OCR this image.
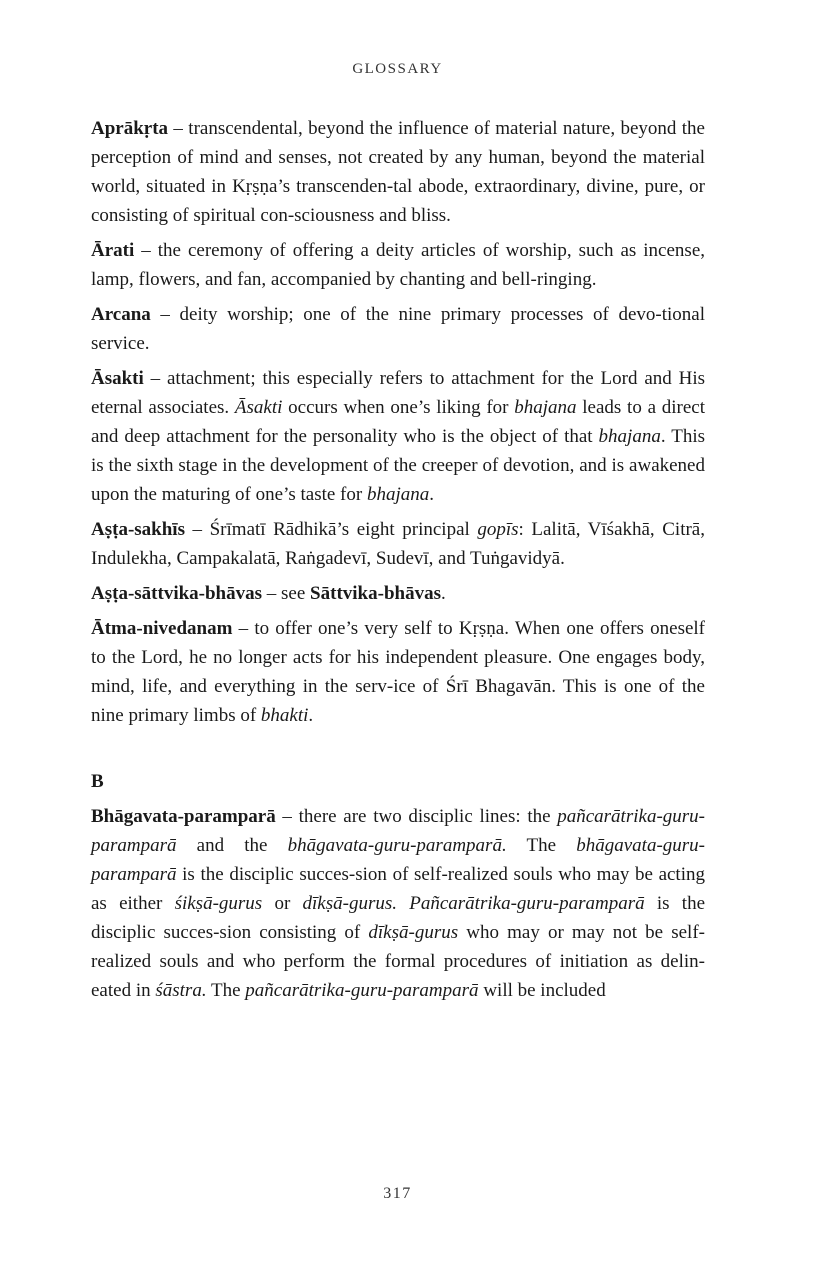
GLOSSARY

Aprākṛta – transcendental, beyond the influence of material nature, beyond the perception of mind and senses, not created by any human, beyond the material world, situated in Kṛṣṇa’s transcenden-tal abode, extraordinary, divine, pure, or consisting of spiritual con-sciousness and bliss.

Ārati – the ceremony of offering a deity articles of worship, such as incense, lamp, flowers, and fan, accompanied by chanting and bell-ringing.

Arcana – deity worship; one of the nine primary processes of devo-tional service.

Āsakti – attachment; this especially refers to attachment for the Lord and His eternal associates. Āsakti occurs when one’s liking for bhajana leads to a direct and deep attachment for the personality who is the object of that bhajana. This is the sixth stage in the development of the creeper of devotion, and is awakened upon the maturing of one’s taste for bhajana.

Aṣṭa-sakhīs – Śrīmatī Rādhikā’s eight principal gopīs: Lalitā, Vīśakhā, Citrā, Indulekha, Campakalatā, Raṅgadevī, Sudevī, and Tuṅgavidyā.

Aṣṭa-sāttvika-bhāvas – see Sāttvika-bhāvas.

Ātma-nivedanam – to offer one’s very self to Kṛṣṇa. When one offers oneself to the Lord, he no longer acts for his independent pleasure. One engages body, mind, life, and everything in the serv-ice of Śrī Bhagavān. This is one of the nine primary limbs of bhakti.

B

Bhāgavata-paramparā – there are two disciplic lines: the pañcarātrika-guru-paramparā and the bhāgavata-guru-paramparā. The bhāgavata-guru-paramparā is the disciplic succes-sion of self-realized souls who may be acting as either śikṣā-gurus or dīkṣā-gurus. Pañcarātrika-guru-paramparā is the disciplic succes-sion consisting of dīkṣā-gurus who may or may not be self-realized souls and who perform the formal procedures of initiation as delin-eated in śāstra. The pañcarātrika-guru-paramparā will be included

317
